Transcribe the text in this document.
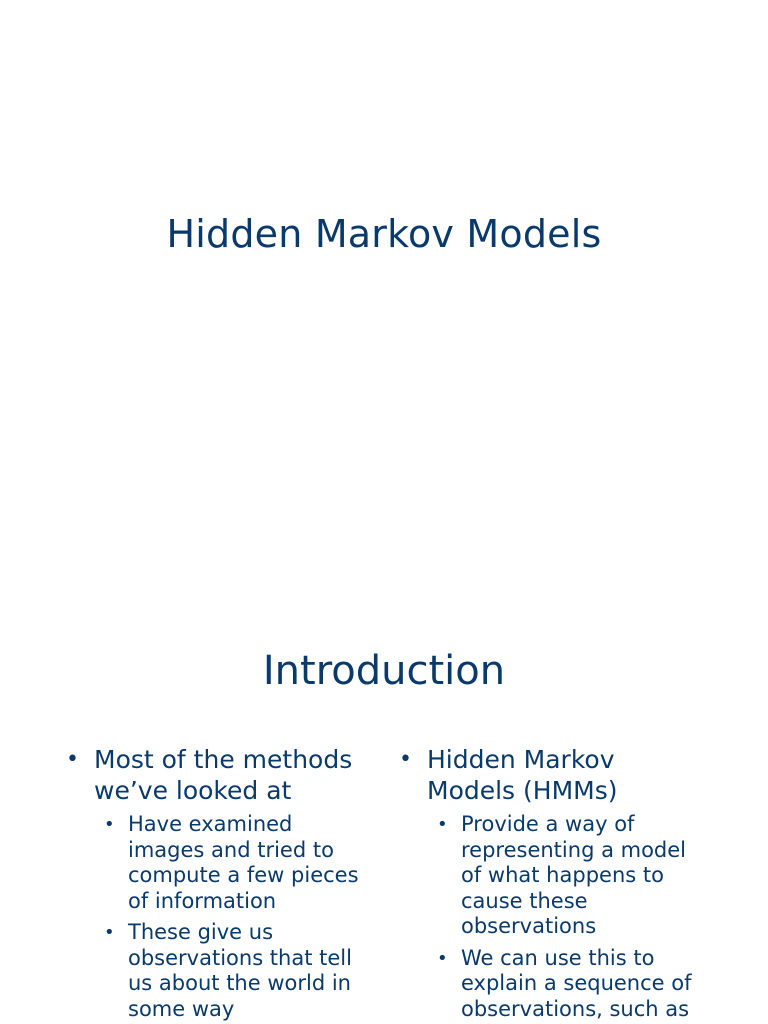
Hidden Markov Models
Introduction
• Most of the methods we’ve looked at
• Have examined images and tried to compute a few pieces of information
• These give us observations that tell us about the world in some way
• Hidden Markov Models (HMMs)
• Provide a way of representing a model of what happens to cause these observations
• We can use this to explain a sequence of observations, such as
